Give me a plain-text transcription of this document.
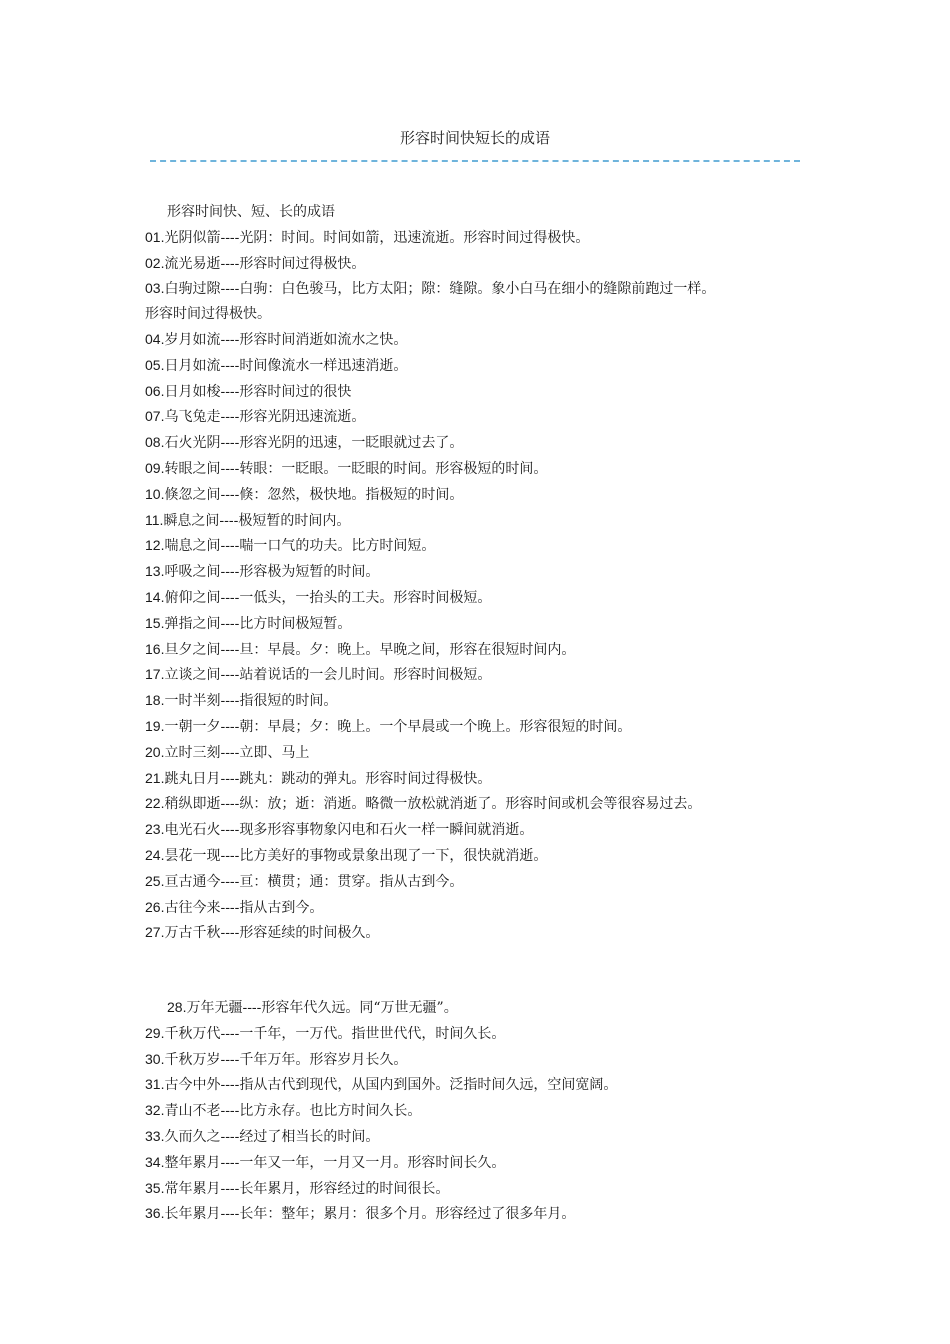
形容时间快短长的成语

形容时间快、短、长的成语

01.光阴似箭----光阴：时间。时间如箭，迅速流逝。形容时间过得极快。

02.流光易逝----形容时间过得极快。

03.白驹过隙----白驹：白色骏马，比方太阳；隙：缝隙。象小白马在细小的缝隙前跑过一样。
形容时间过得极快。

04.岁月如流----形容时间消逝如流水之快。

05.日月如流----时间像流水一样迅速消逝。

06.日月如梭----形容时间过的很快

07.乌飞兔走----形容光阴迅速流逝。

08.石火光阴----形容光阴的迅速，一眨眼就过去了。

09.转眼之间----转眼：一眨眼。一眨眼的时间。形容极短的时间。

10.倏忽之间----倏：忽然，极快地。指极短的时间。

11.瞬息之间----极短暂的时间内。

12.喘息之间----喘一口气的功夫。比方时间短。

13.呼吸之间----形容极为短暂的时间。

14.俯仰之间----一低头，一抬头的工夫。形容时间极短。

15.弹指之间----比方时间极短暂。

16.旦夕之间----旦：早晨。夕：晚上。早晚之间，形容在很短时间内。

17.立谈之间----站着说话的一会儿时间。形容时间极短。

18.一时半刻----指很短的时间。

19.一朝一夕----朝：早晨；夕：晚上。一个早晨或一个晚上。形容很短的时间。

20.立时三刻----立即、马上

21.跳丸日月----跳丸：跳动的弹丸。形容时间过得极快。

22.稍纵即逝----纵：放；逝：消逝。略微一放松就消逝了。形容时间或机会等很容易过去。

23.电光石火----现多形容事物象闪电和石火一样一瞬间就消逝。

24.昙花一现----比方美好的事物或景象出现了一下，很快就消逝。

25.亘古通今----亘：横贯；通：贯穿。指从古到今。

26.古往今来----指从古到今。

27.万古千秋----形容延续的时间极久。

28.万年无疆----形容年代久远。同“万世无疆”。

29.千秋万代----一千年，一万代。指世世代代，时间久长。

30.千秋万岁----千年万年。形容岁月长久。

31.古今中外----指从古代到现代，从国内到国外。泛指时间久远，空间宽阔。

32.青山不老----比方永存。也比方时间久长。

33.久而久之----经过了相当长的时间。

34.整年累月----一年又一年，一月又一月。形容时间长久。

35.常年累月----长年累月，形容经过的时间很长。

36.长年累月----长年：整年；累月：很多个月。形容经过了很多年月。
